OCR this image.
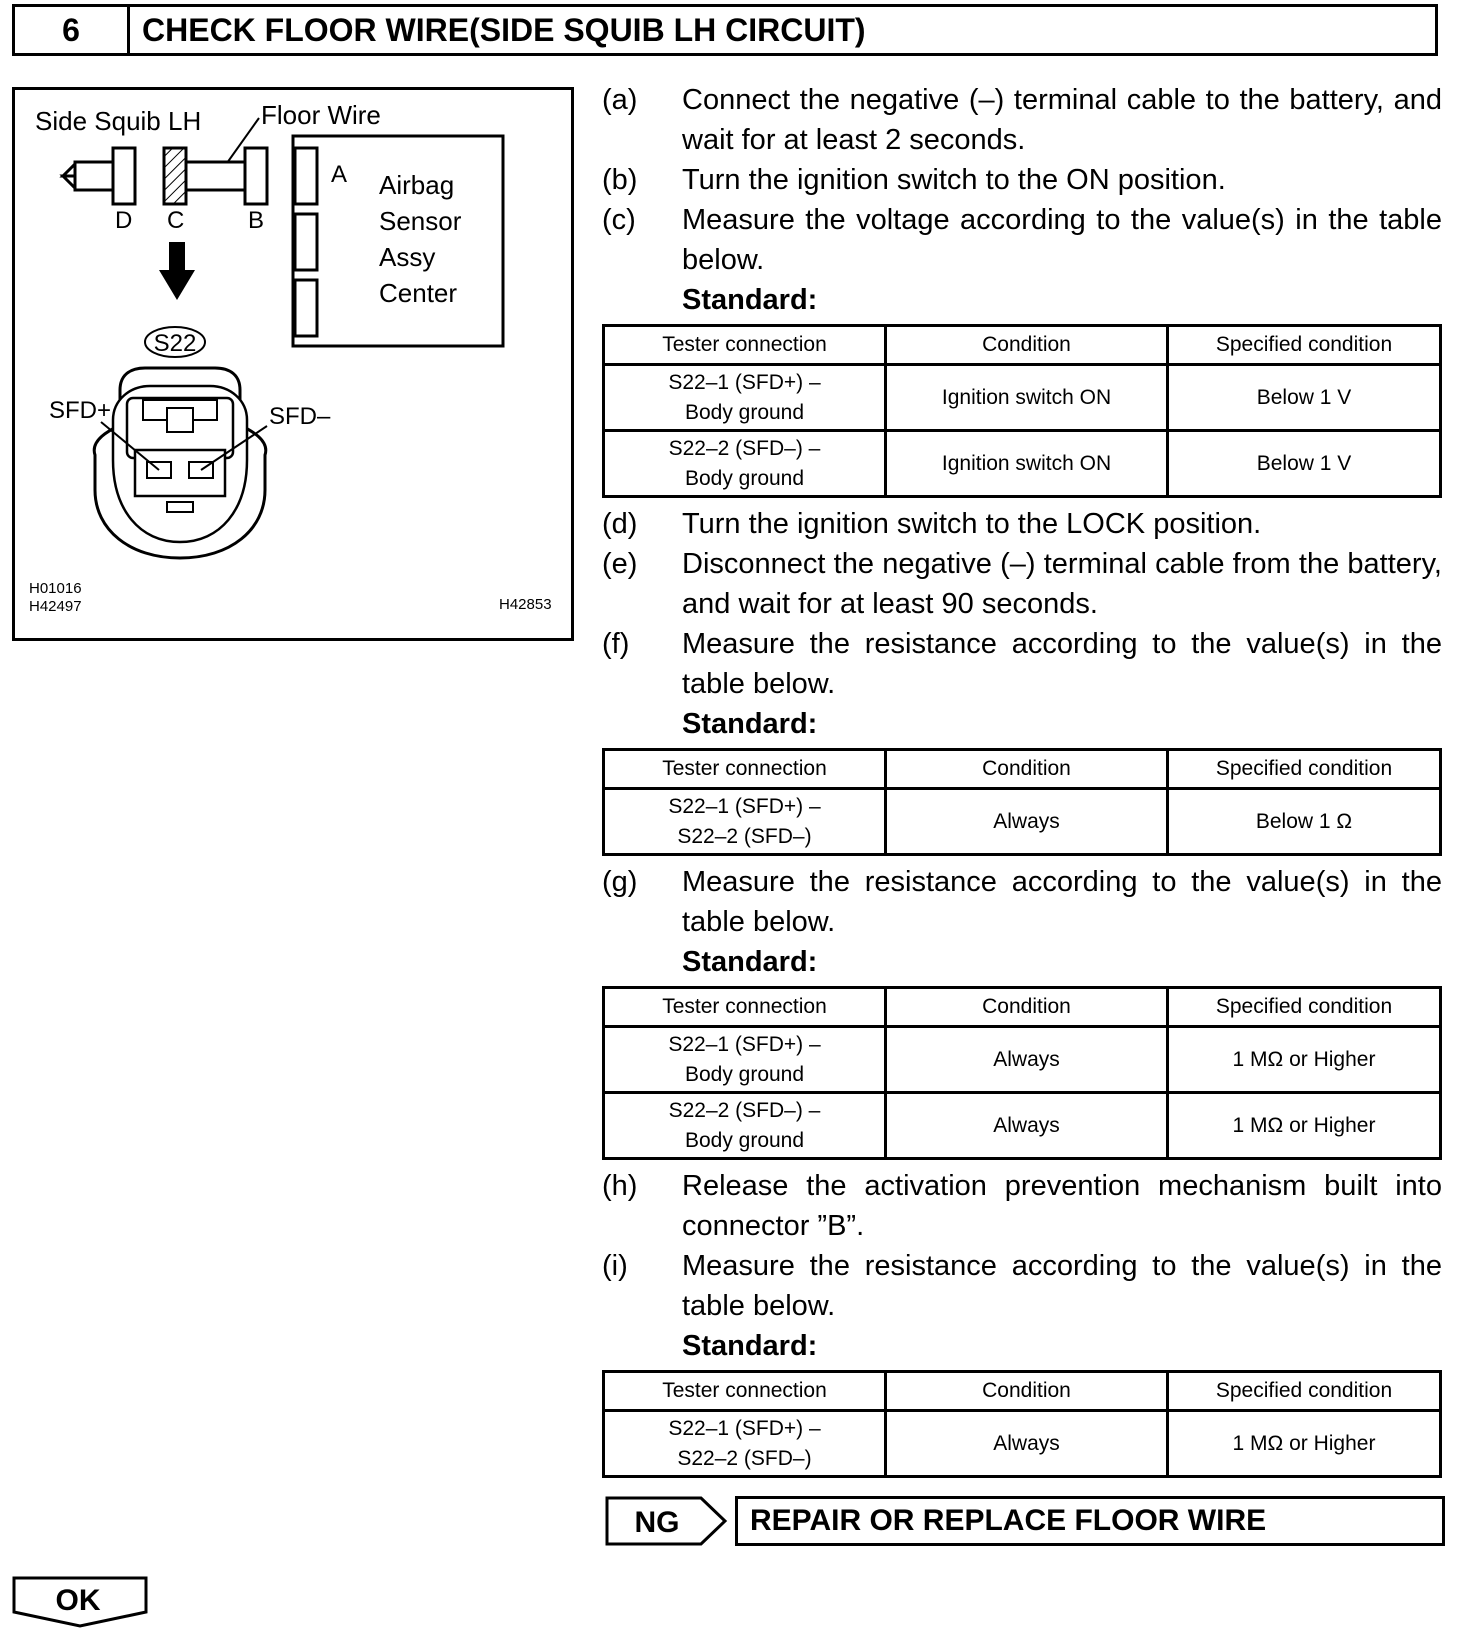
6	CHECK FLOOR WIRE(SIDE SQUIB LH CIRCUIT)
Side Squib LH Floor Wire
D C	B
A Airbag
Sensor
Assy
Center
S22
SFD+	SFD–
H01016
H42497	H42853
(a) Connect the negative (–) terminal cable to the battery, and wait for at least 2 seconds.
(b) Turn the ignition switch to the ON position.
(c) Measure the voltage according to the value(s) in the table below.
Standard:
Tester connection	Condition	Specified condition
S22–1 (SFD+) –
Body ground	Ignition switch ON	Below 1 V
S22–2 (SFD–) –
Body ground	Ignition switch ON	Below 1 V
(d) Turn the ignition switch to the LOCK position.
(e) Disconnect the negative (–) terminal cable from the battery, and wait for at least 90 seconds.
(f) Measure the resistance according to the value(s) in the table below.
Standard:
Tester connection	Condition	Specified condition
S22–1 (SFD+) –
S22–2 (SFD–)	Always	Below 1 Ω
(g) Measure the resistance according to the value(s) in the table below.
Standard:
Tester connection	Condition	Specified condition
S22–1 (SFD+) –
Body ground	Always	1 MΩ or Higher
S22–2 (SFD–) –
Body ground	Always	1 MΩ or Higher
(h) Release the activation prevention mechanism built into connector ”B”.
(i) Measure the resistance according to the value(s) in the table below.
Standard:
Tester connection	Condition	Specified condition
S22–1 (SFD+) –
S22–2 (SFD–)	Always	1 MΩ or Higher
NG	REPAIR OR REPLACE FLOOR WIRE
OK
